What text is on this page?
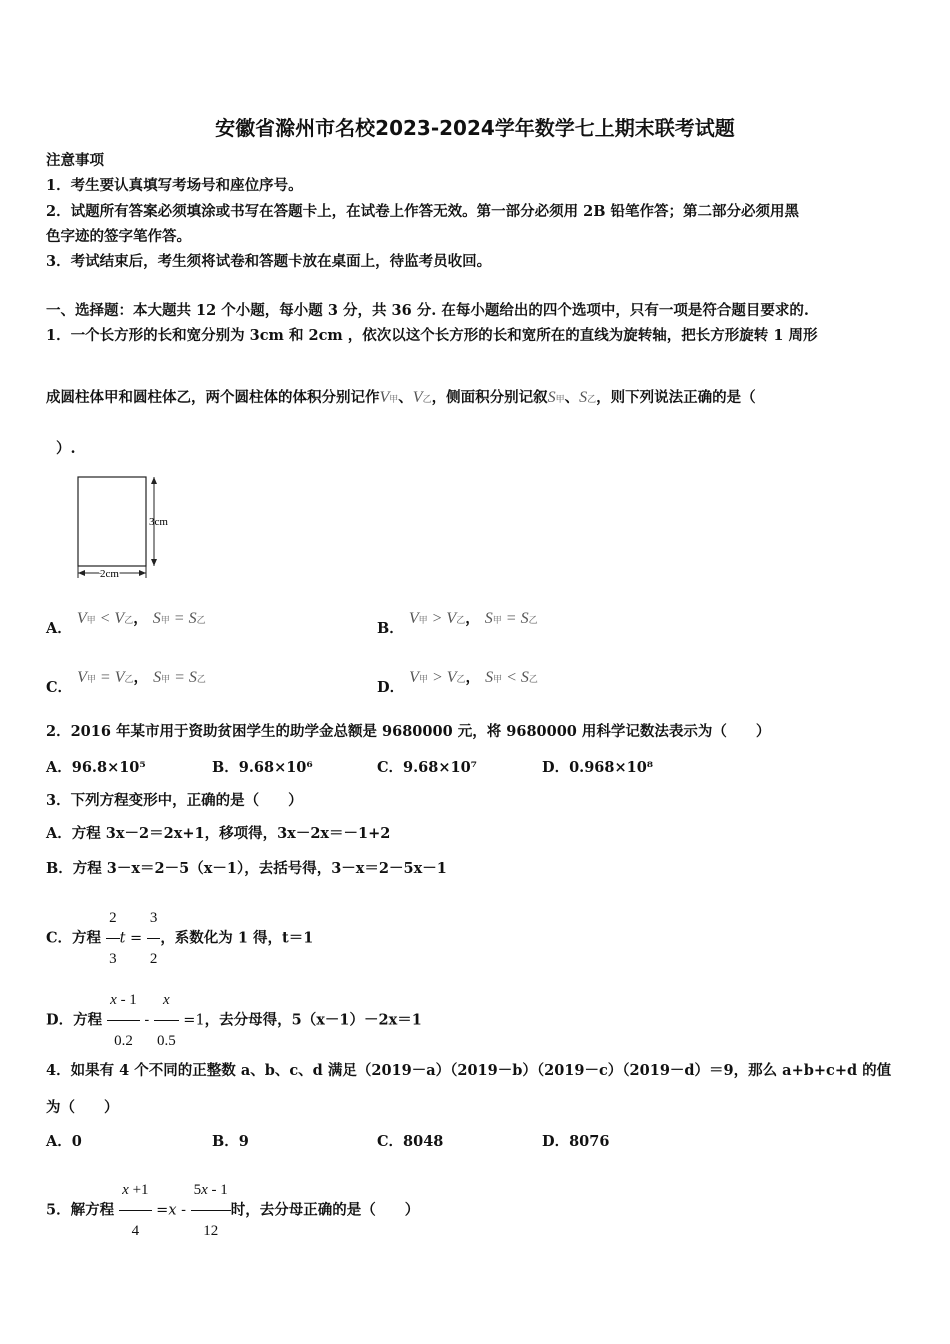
安徽省滁州市名校2023-2024学年数学七上期末联考试题
注意事项
1．考生要认真填写考场号和座位序号。
2．试题所有答案必须填涂或书写在答题卡上，在试卷上作答无效。第一部分必须用 2B 铅笔作答；第二部分必须用黑
色字迹的签字笔作答。
3．考试结束后，考生须将试卷和答题卡放在桌面上，待监考员收回。
一、选择题：本大题共 12 个小题，每小题 3 分，共 36 分. 在每小题给出的四个选项中，只有一项是符合题目要求的.
1．一个长方形的长和宽分别为 3cm 和 2cm ，依次以这个长方形的长和宽所在的直线为旋转轴，把长方形旋转 1 周形
成圆柱体甲和圆柱体乙，两个圆柱体的体积分别记作V甲、V乙，侧面积分别记叙S甲、S乙，则下列说法正确的是（
）.
3cm
2cm
A． V甲 < V乙， S甲 = S乙	B． V甲 > V乙， S甲 = S乙
C． V甲 = V乙， S甲 = S乙	D． V甲 > V乙， S甲 < S乙
2．2016 年某市用于资助贫困学生的助学金总额是 9680000 元，将 9680000 用科学记数法表示为（　　）
A．96.8×10⁵	B．9.68×10⁶	C．9.68×10⁷	D．0.968×10⁸
3．下列方程变形中，正确的是（　　）
A．方程 3x－2＝2x+1，移项得，3x－2x＝－1+2
B．方程 3－x＝2－5（x－1），去括号得，3－x＝2－5x－1
C．方程 $\frac{2}{3}$ $t = \frac{3}{2}$ ，系数化为 1 得，t＝1
D．方程 $\frac{x - 1}{0.2} - \frac{x}{0.5} =1$，去分母得，5（x－1）－2x＝1
4．如果有 4 个不同的正整数 a、b、c、d 满足（2019－a）（2019－b）（2019－c）（2019－d）＝9，那么 a+b+c+d 的值
为（　　）
A．0	B．9	C．8048	D．8076
5．解方程 $\frac{x +1}{4} =x - \frac{5x - 1}{12}$ 时，去分母正确的是（　　）
